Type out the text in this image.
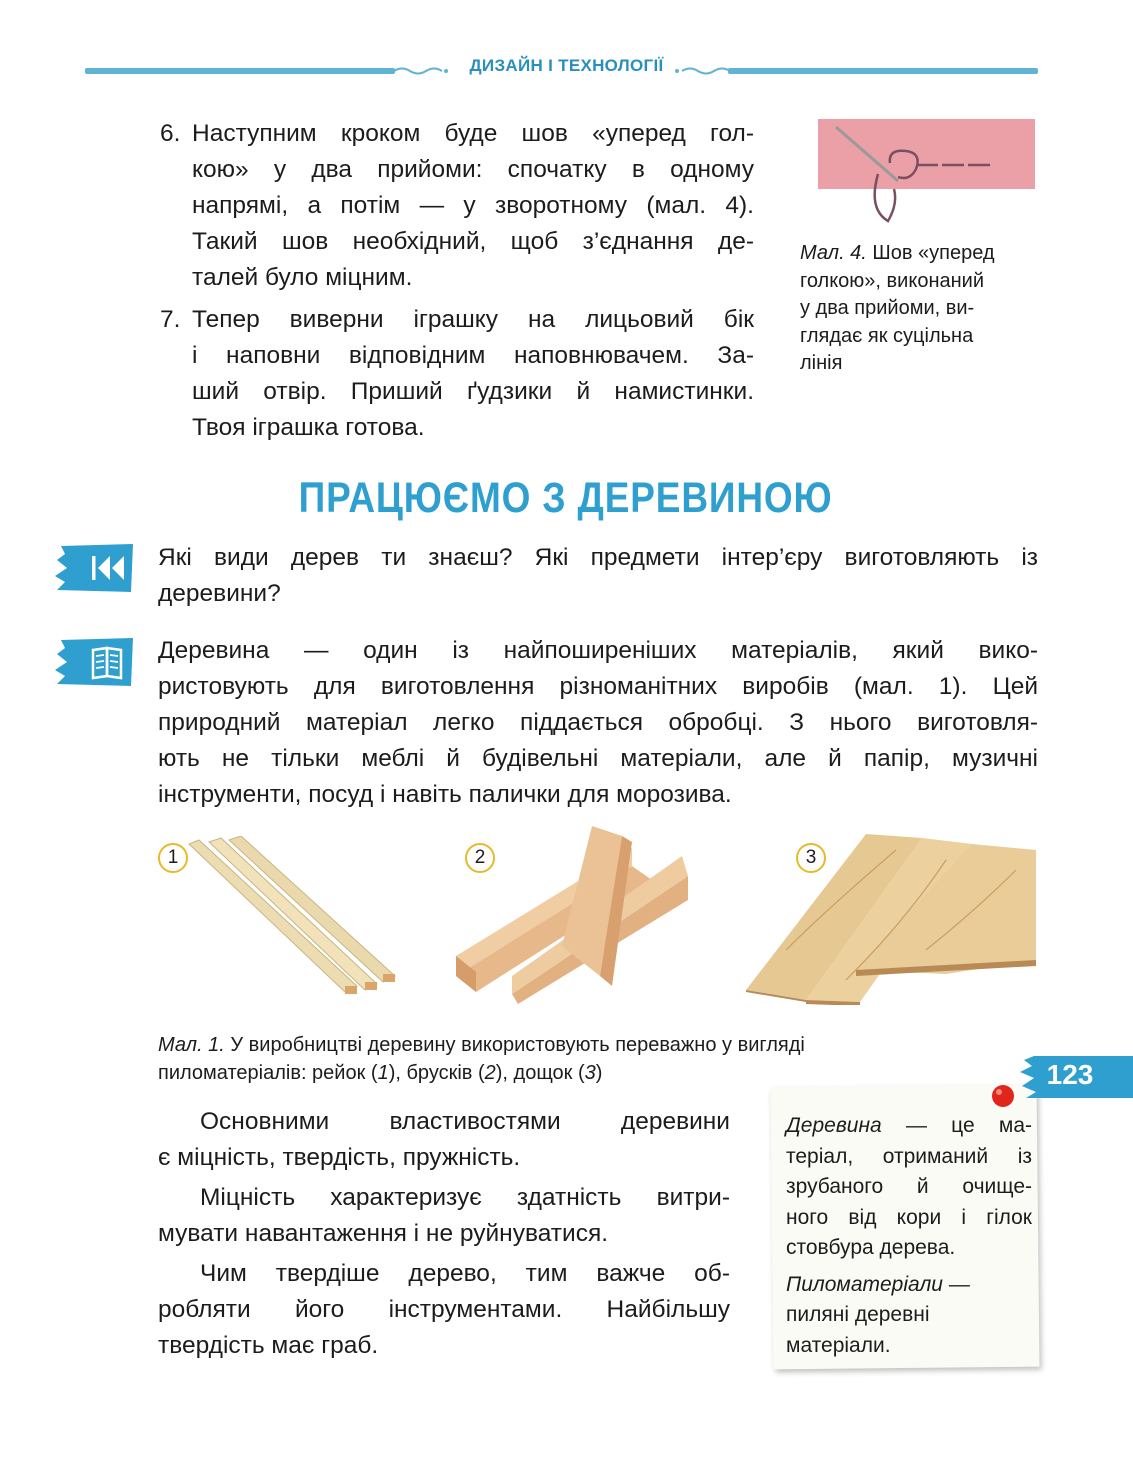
ДИЗАЙН І ТЕХНОЛОГІЇ
6. Наступним кроком буде шов «уперед гол-
кою» у два прийоми: спочатку в одному
напрямі, а потім — у зворотному (мал. 4).
Такий шов необхідний, щоб з’єднання де-
талей було міцним.
7. Тепер виверни іграшку на лицьовий бік
і наповни відповідним наповнювачем. За-
ший отвір. Приший ґудзики й намистинки.
Твоя іграшка готова.
Мал. 4. Шов «уперед
голкою», виконаний
у два прийоми, ви-
глядає як суцільна
лінія
ПРАЦЮЄМО З ДЕРЕВИНОЮ
Які види дерев ти знаєш? Які предмети інтер’єру виготовляють із
деревини?
Деревина — один із найпоширеніших матеріалів, який вико-
ристовують для виготовлення різноманітних виробів (мал. 1). Цей
природний матеріал легко піддається обробці. З нього виготовля-
ють не тільки меблі й будівельні матеріали, але й папір, музичні
інструменти, посуд і навіть палички для морозива.
1	2	3
Мал. 1. У виробництві деревину використовують переважно у вигляді
пиломатеріалів: рейок (1), брусків (2), дощок (3)
Основними властивостями деревини
є міцність, твердість, пружність.
Міцність характеризує здатність витри-
мувати навантаження і не руйнуватися.
Чим твердіше дерево, тим важче об-
робляти його інструментами. Найбільшу
твердість має граб.
Деревина — це ма-
теріал, отриманий із
зрубаного й очище-
ного від кори і гілок
стовбура дерева.
Пиломатеріали —
пиляні деревні
матеріали.
123
